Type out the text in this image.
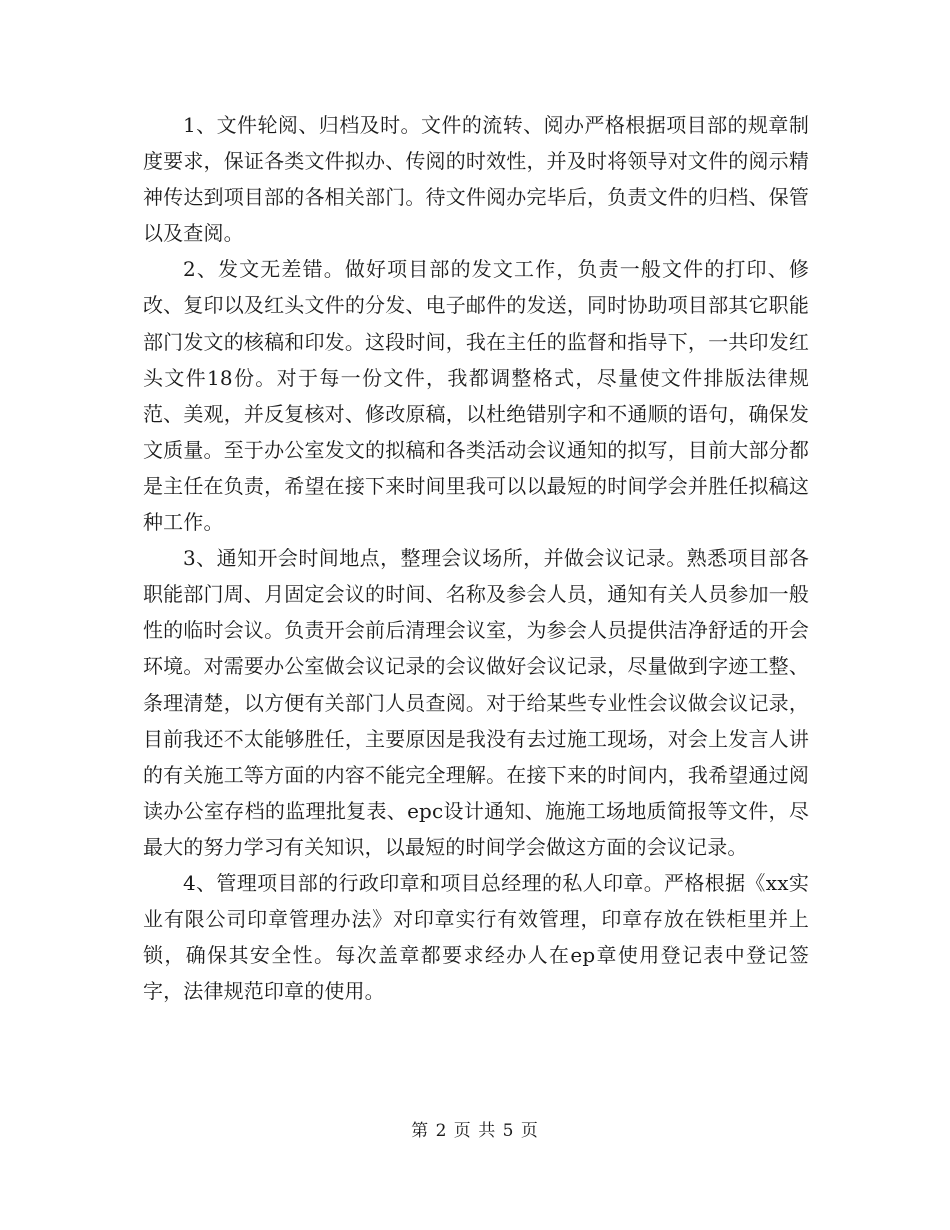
1、文件轮阅、归档及时。文件的流转、阅办严格根据项目部的规章制度要求，保证各类文件拟办、传阅的时效性，并及时将领导对文件的阅示精神传达到项目部的各相关部门。待文件阅办完毕后，负责文件的归档、保管以及查阅。

2、发文无差错。做好项目部的发文工作，负责一般文件的打印、修改、复印以及红头文件的分发、电子邮件的发送，同时协助项目部其它职能部门发文的核稿和印发。这段时间，我在主任的监督和指导下，一共印发红头文件18份。对于每一份文件，我都调整格式，尽量使文件排版法律规范、美观，并反复核对、修改原稿，以杜绝错别字和不通顺的语句，确保发文质量。至于办公室发文的拟稿和各类活动会议通知的拟写，目前大部分都是主任在负责，希望在接下来时间里我可以以最短的时间学会并胜任拟稿这种工作。

3、通知开会时间地点，整理会议场所，并做会议记录。熟悉项目部各职能部门周、月固定会议的时间、名称及参会人员，通知有关人员参加一般性的临时会议。负责开会前后清理会议室，为参会人员提供洁净舒适的开会环境。对需要办公室做会议记录的会议做好会议记录，尽量做到字迹工整、条理清楚，以方便有关部门人员查阅。对于给某些专业性会议做会议记录，目前我还不太能够胜任，主要原因是我没有去过施工现场，对会上发言人讲的有关施工等方面的内容不能完全理解。在接下来的时间内，我希望通过阅读办公室存档的监理批复表、epc设计通知、施施工场地质简报等文件，尽最大的努力学习有关知识，以最短的时间学会做这方面的会议记录。

4、管理项目部的行政印章和项目总经理的私人印章。严格根据《xx实业有限公司印章管理办法》对印章实行有效管理，印章存放在铁柜里并上锁，确保其安全性。每次盖章都要求经办人在ep章使用登记表中登记签字，法律规范印章的使用。

第 2 页 共 5 页
